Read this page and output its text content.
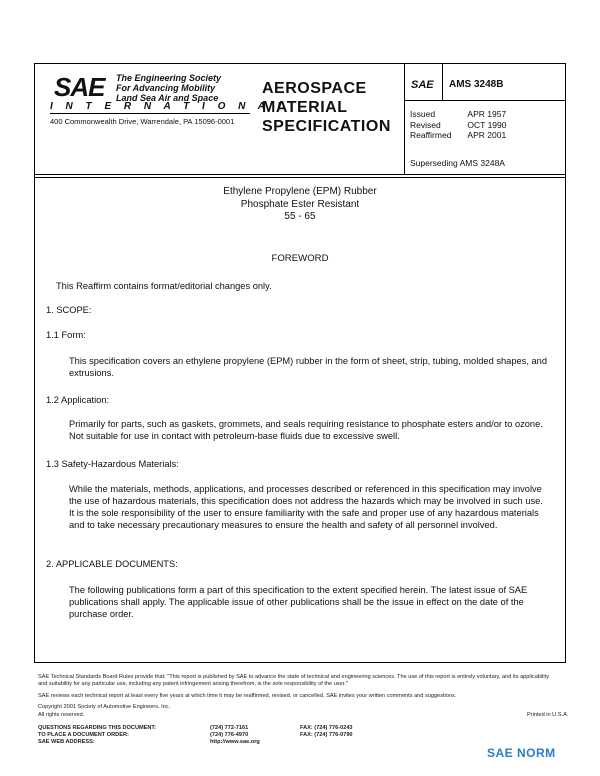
SAE The Engineering Society
For Advancing Mobility
Land Sea Air and Space
I N T E R N A T I O N A L
400 Commonwealth Drive, Warrendale, PA 15096-0001
AEROSPACE
MATERIAL
SPECIFICATION
SAE AMS 3248B
Issued	APR 1957
Revised	OCT 1990
Reaffirmed	APR 2001
Superseding AMS 3248A
Ethylene Propylene (EPM) Rubber
Phosphate Ester Resistant
55 - 65
FOREWORD
This Reaffirm contains format/editorial changes only.
1. SCOPE:
1.1 Form:
This specification covers an ethylene propylene (EPM) rubber in the form of sheet, strip, tubing, molded shapes, and extrusions.
1.2 Application:
Primarily for parts, such as gaskets, grommets, and seals requiring resistance to phosphate esters and/or to ozone. Not suitable for use in contact with petroleum-base fluids due to excessive swell.
1.3 Safety-Hazardous Materials:
While the materials, methods, applications, and processes described or referenced in this specification may involve the use of hazardous materials, this specification does not address the hazards which may be involved in such use. It is the sole responsibility of the user to ensure familiarity with the safe and proper use of any hazardous materials and to take necessary precautionary measures to ensure the health and safety of all personnel involved.
2. APPLICABLE DOCUMENTS:
The following publications form a part of this specification to the extent specified herein. The latest issue of SAE publications shall apply. The applicable issue of other publications shall be the issue in effect on the date of the purchase order.
SAE Technical Standards Board Rules provide that: "This report is published by SAE to advance the state of technical and engineering sciences. The use of this report is entirely voluntary, and its applicability and suitability for any particular use, including any patent infringement arising therefrom, is the sole responsibility of the user."
SAE reviews each technical report at least every five years at which time it may be reaffirmed, revised, or cancelled. SAE invites your written comments and suggestions.
Copyright 2001 Society of Automotive Engineers, Inc.
All rights reserved.	Printed in U.S.A.
QUESTIONS REGARDING THIS DOCUMENT:	(724) 772-7161	FAX: (724) 776-0243
TO PLACE A DOCUMENT ORDER:	(724) 776-4970	FAX: (724) 776-0790
SAE WEB ADDRESS:	http://www.sae.org
SAE NORM
